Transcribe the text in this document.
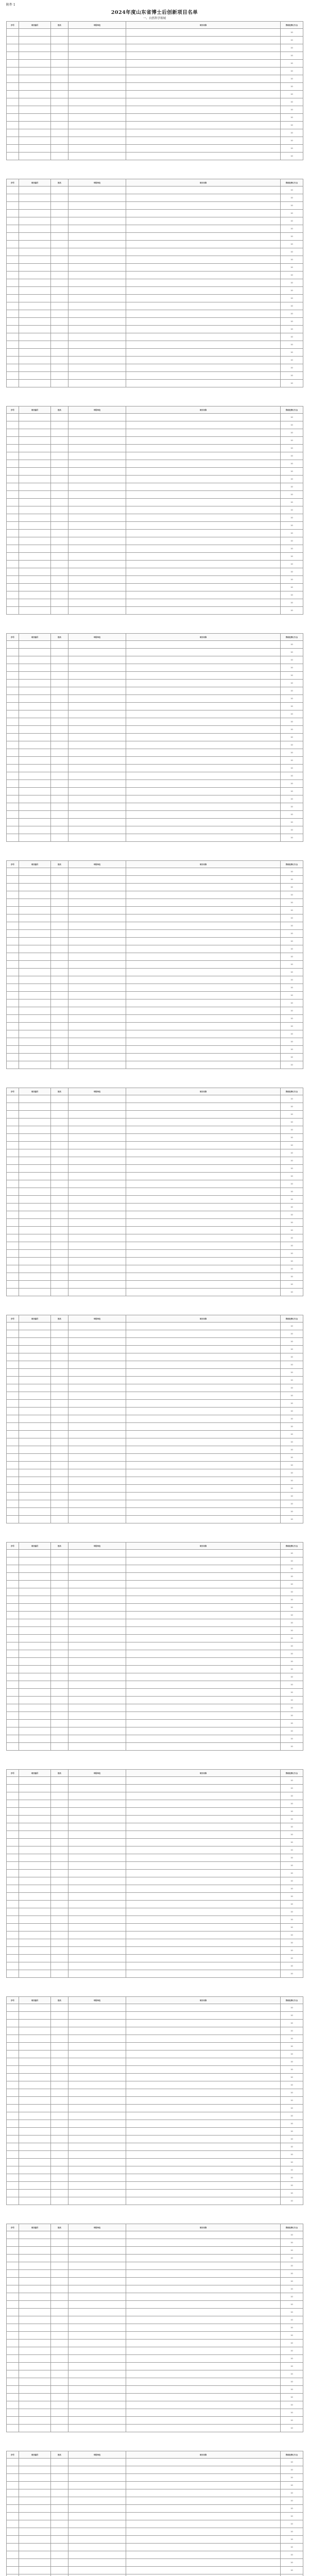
附件 1
2024年度山东省博士后创新项目名单
一、自然科学领域
序号	项目编号	姓名	申报单位	项目名称	资助经费(万元)
					10
					10
					10
					10
					10
					10
					10
					10
					10
					10
					10
					10
					10
					10
					10
					10
					10
序号	项目编号	姓名	申报单位	项目名称	资助经费(万元)
					10
					10
					10
					10
					10
					10
					10
					10
					10
					10
					10
					10
					10
					10
					10
					10
					10
					10
					10
					10
					10
					10
					10
					10
					10
					10
序号	项目编号	姓名	申报单位	项目名称	资助经费(万元)
					10
					10
					10
					10
					10
					10
					10
					10
					10
					10
					10
					10
					10
					10
					10
					10
					10
					10
					10
					10
					10
					10
					10
					10
					10
					10
序号	项目编号	姓名	申报单位	项目名称	资助经费(万元)
					10
					10
					10
					10
					10
					10
					10
					10
					10
					10
					10
					10
					10
					10
					10
					10
					10
					10
					10
					10
					10
					10
					10
					10
					10
					10
序号	项目编号	姓名	申报单位	项目名称	资助经费(万元)
					10
					10
					10
					10
					10
					10
					10
					10
					10
					10
					10
					10
					10
					10
					10
					10
					10
					10
					10
					10
					10
					10
					10
					10
					10
					10
序号	项目编号	姓名	申报单位	项目名称	资助经费(万元)
					10
					10
					10
					10
					10
					10
					10
					10
					10
					10
					10
					10
					10
					10
					10
					10
					10
					10
					10
					10
					10
					10
					10
					10
					10
					10
序号	项目编号	姓名	申报单位	项目名称	资助经费(万元)
					10
					10
					10
					10
					10
					10
					10
					10
					10
					10
					10
					10
					10
					10
					10
					10
					10
					10
					10
					10
					10
					10
					10
					10
					10
					10
序号	项目编号	姓名	申报单位	项目名称	资助经费(万元)
					10
					10
					10
					10
					10
					10
					10
					10
					10
					10
					10
					10
					10
					10
					10
					10
					10
					10
					10
					10
					10
					10
					10
					10
					10
					10
序号	项目编号	姓名	申报单位	项目名称	资助经费(万元)
					10
					10
					10
					10
					10
					10
					10
					10
					10
					10
					10
					10
					10
					10
					10
					10
					10
					10
					10
					10
					10
					10
					10
					10
					10
					10
序号	项目编号	姓名	申报单位	项目名称	资助经费(万元)
					10
					10
					10
					10
					10
					10
					10
					10
					10
					10
					10
					10
					10
					10
					10
					10
					10
					10
					10
					10
					10
					10
					10
					10
					10
					10
序号	项目编号	姓名	申报单位	项目名称	资助经费(万元)
					10
					10
					10
					10
					10
					10
					10
					10
					10
					10
					10
					10
					10
					10
					10
					10
					10
					10
					10
					10
					10
					10
					10
					10
					10
					10
序号	项目编号	姓名	申报单位	项目名称	资助经费(万元)
					10
					10
					10
					10
					10
					10
					10
					10
					10
					10
					10
					10
					10
					10
					10
